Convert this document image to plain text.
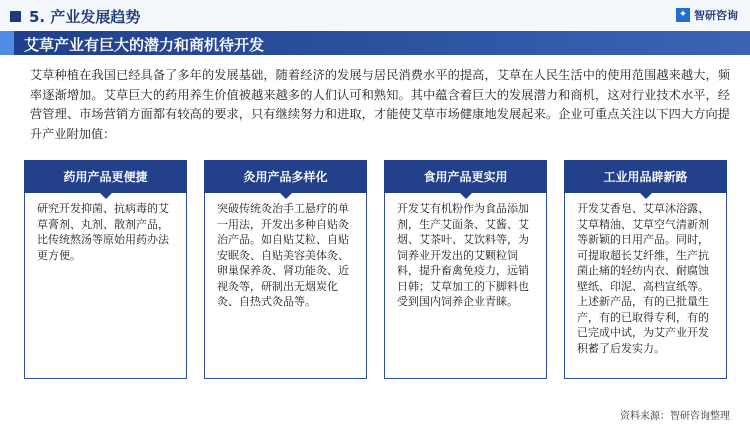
5. 产业发展趋势	✦ 智研咨询
艾草产业有巨大的潜力和商机待开发
艾草种植在我国已经具备了多年的发展基础，随着经济的发展与居民消费水平的提高，艾草在人民生活中的使用范围越来越大，频率逐渐增加。艾草巨大的药用养生价值被越来越多的人们认可和熟知。其中蕴含着巨大的发展潜力和商机，这对行业技术水平，经营管理、市场营销方面都有较高的要求，只有继续努力和进取，才能使艾草市场健康地发展起来。企业可重点关注以下四大方向提升产业附加值：
药用产品更便捷
研究开发抑菌、抗病毒的艾草膏剂、丸剂、散剂产品，比传统熬汤等原始用药办法更方便。
灸用产品多样化
突破传统灸治手工悬疗的单一用法，开发出多种自贴灸治产品。如自贴艾粒、自贴安眠灸、自贴美容美体灸、卵巢保养灸、肾功能灸、近视灸等，研制出无烟炭化灸、自热式灸品等。
食用产品更实用
开发艾有机粉作为食品添加剂，生产艾面条、艾酱、艾烟、艾茶叶、艾饮料等，为饲养业开发出的艾颗粒饲料，提升畜禽免疫力，远销日韩；艾草加工的下脚料也受到国内饲养企业青睐。
工业用品辟新路
开发艾香皂、艾草沐浴露、艾草精油、艾草空气清新剂等新颖的日用产品。同时，可提取超长艾纤维，生产抗菌止痛的轻纺内衣、耐腐蚀壁纸、印泥、高档宣纸等。上述新产品，有的已批量生产，有的已取得专利，有的已完成中试，为艾产业开发积蓄了后发实力。
资料来源：智研咨询整理
